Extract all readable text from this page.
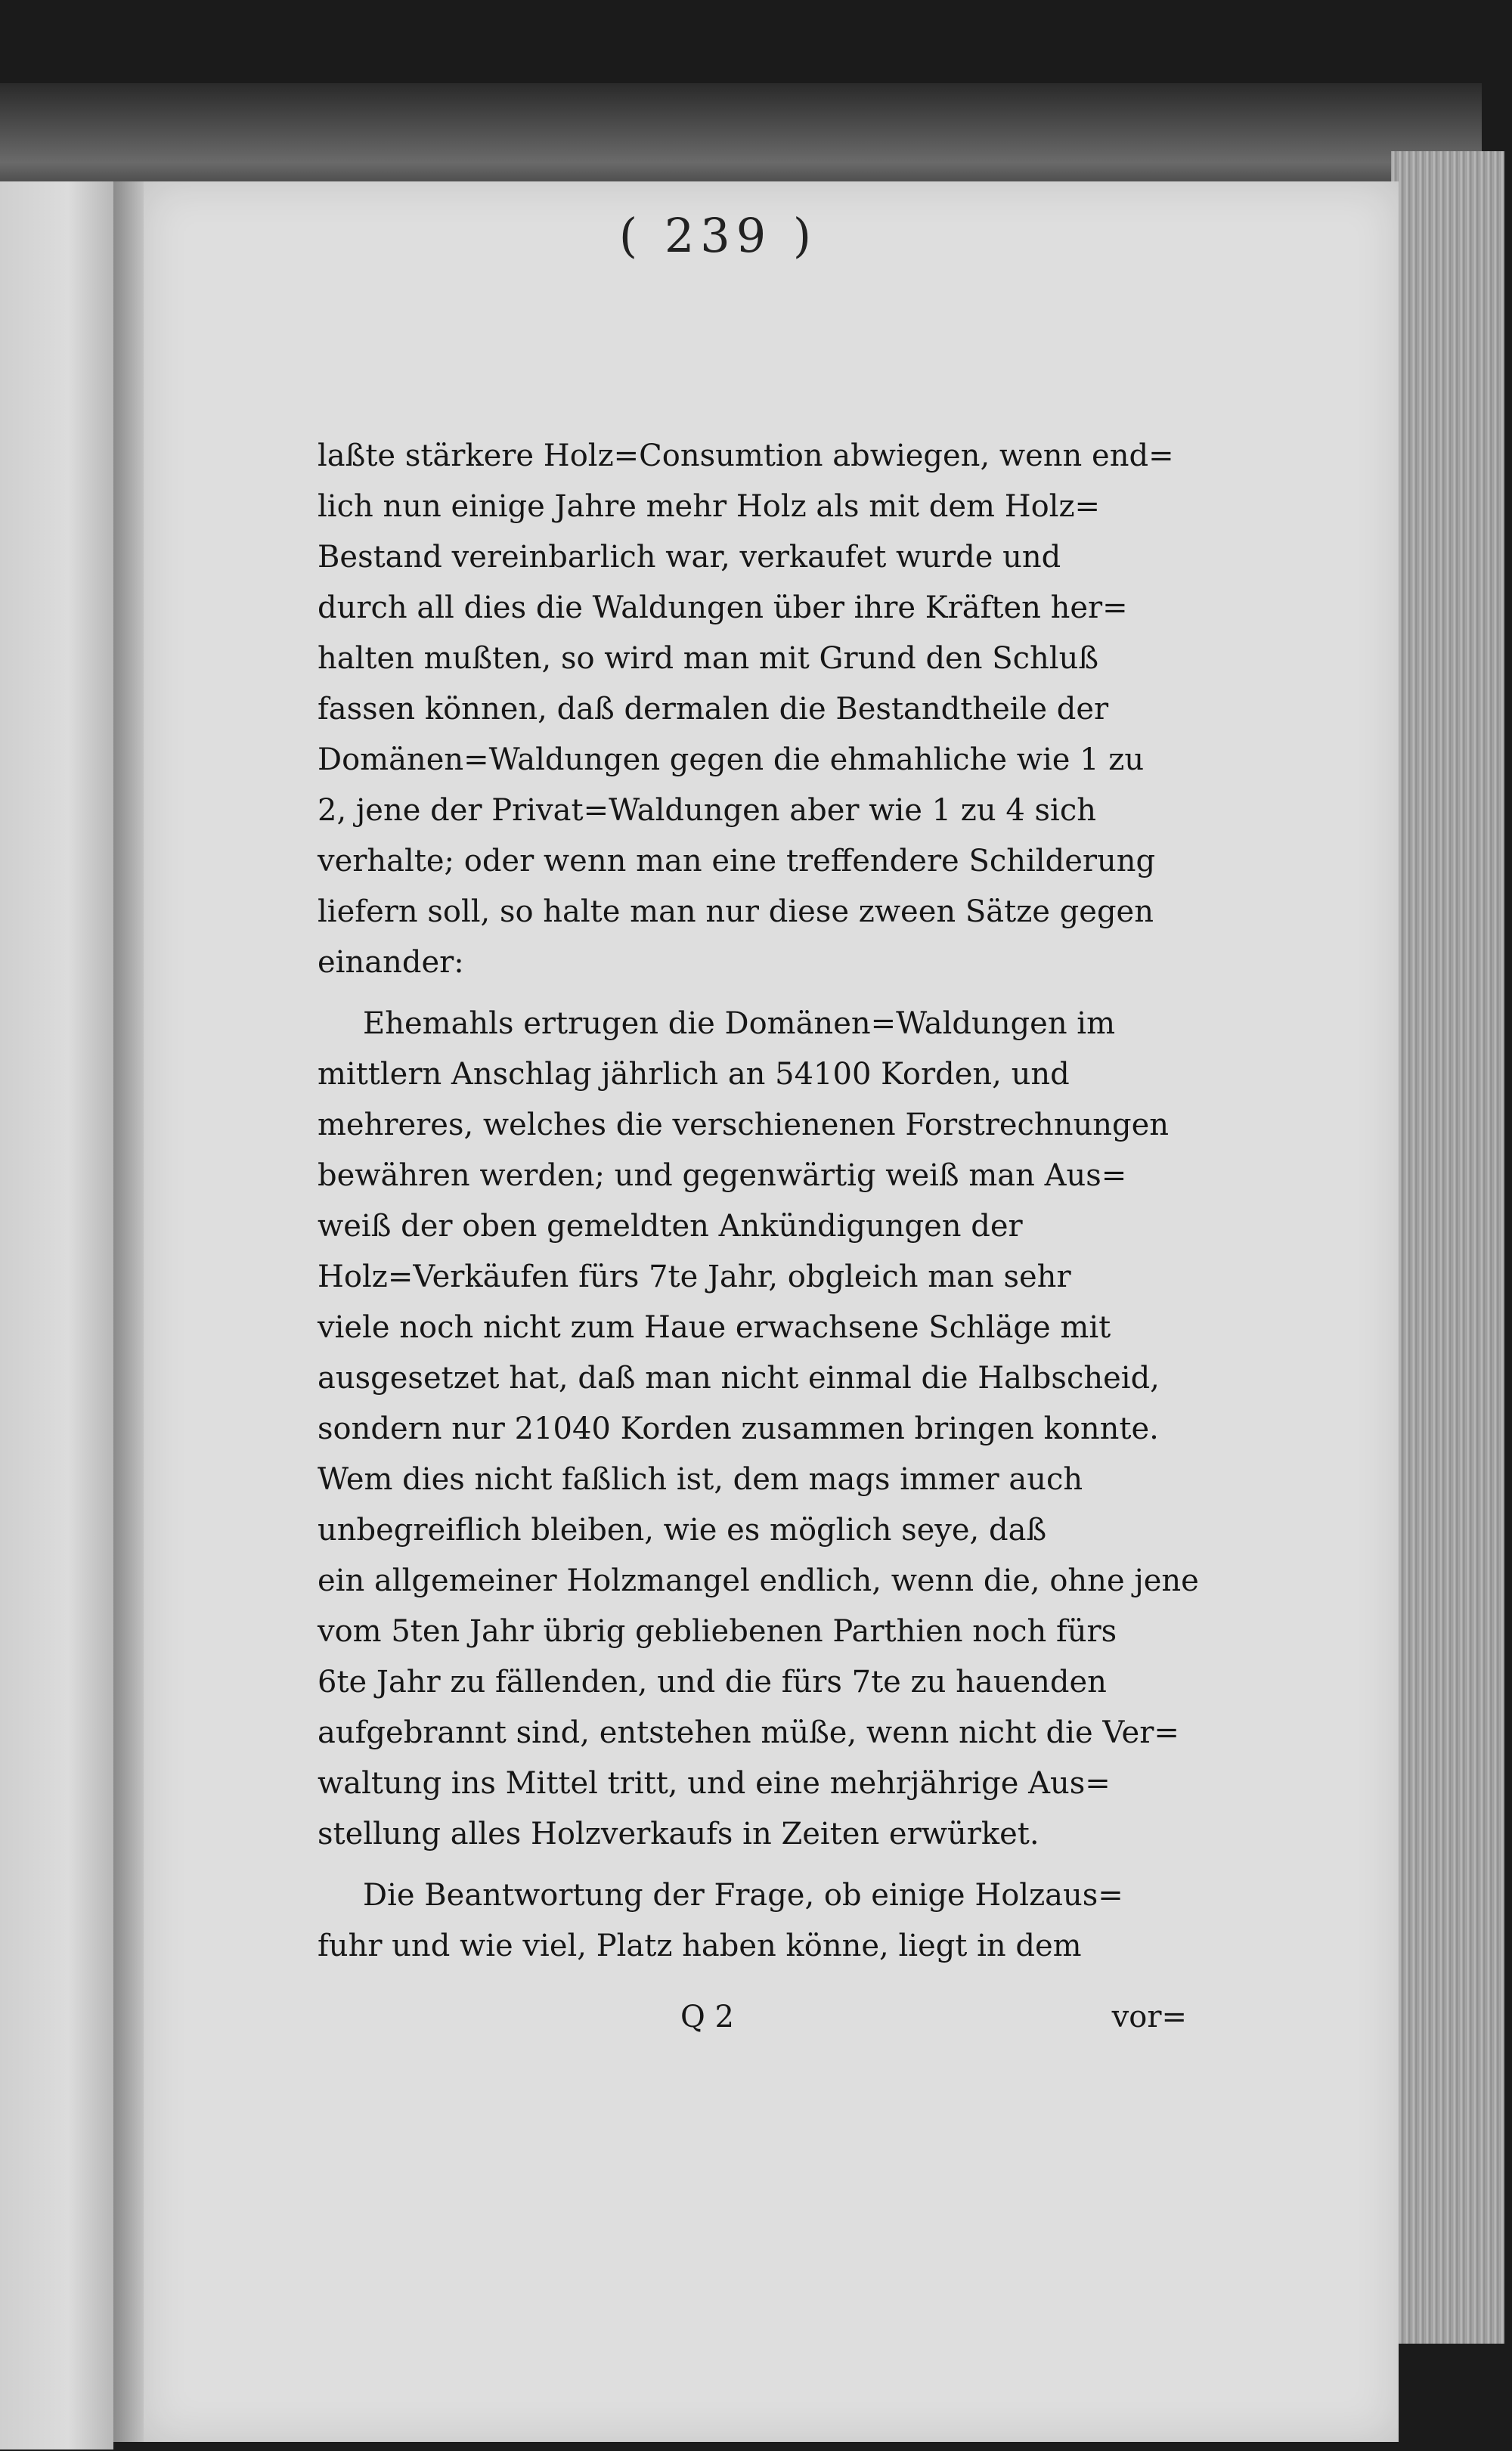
( 239 )
laßte stärkere Holz=Consumtion abwiegen, wenn end=
lich nun einige Jahre mehr Holz als mit dem Holz=
Bestand vereinbarlich war, verkaufet wurde und
durch all dies die Waldungen über ihre Kräften her=
halten mußten, so wird man mit Grund den Schluß
fassen können, daß dermalen die Bestandtheile der
Domänen=Waldungen gegen die ehmahliche wie 1 zu
2, jene der Privat=Waldungen aber wie 1 zu 4 sich
verhalte; oder wenn man eine treffendere Schilderung
liefern soll, so halte man nur diese zween Sätze gegen
einander:
Ehemahls ertrugen die Domänen=Waldungen im
mittlern Anschlag jährlich an 54100 Korden, und
mehreres, welches die verschienenen Forstrechnungen
bewähren werden; und gegenwärtig weiß man Aus=
weiß der oben gemeldten Ankündigungen der
Holz=Verkäufen fürs 7te Jahr, obgleich man sehr
viele noch nicht zum Haue erwachsene Schläge mit
ausgesetzet hat, daß man nicht einmal die Halbscheid,
sondern nur 21040 Korden zusammen bringen konnte.
Wem dies nicht faßlich ist, dem mags immer auch
unbegreiflich bleiben, wie es möglich seye, daß
ein allgemeiner Holzmangel endlich, wenn die, ohne jene
vom 5ten Jahr übrig gebliebenen Parthien noch fürs
6te Jahr zu fällenden, und die fürs 7te zu hauenden
aufgebrannt sind, entstehen müße, wenn nicht die Ver=
waltung ins Mittel tritt, und eine mehrjährige Aus=
stellung alles Holzverkaufs in Zeiten erwürket.
Die Beantwortung der Frage, ob einige Holzaus=
fuhr und wie viel, Platz haben könne, liegt in dem
Q 2	vor=
